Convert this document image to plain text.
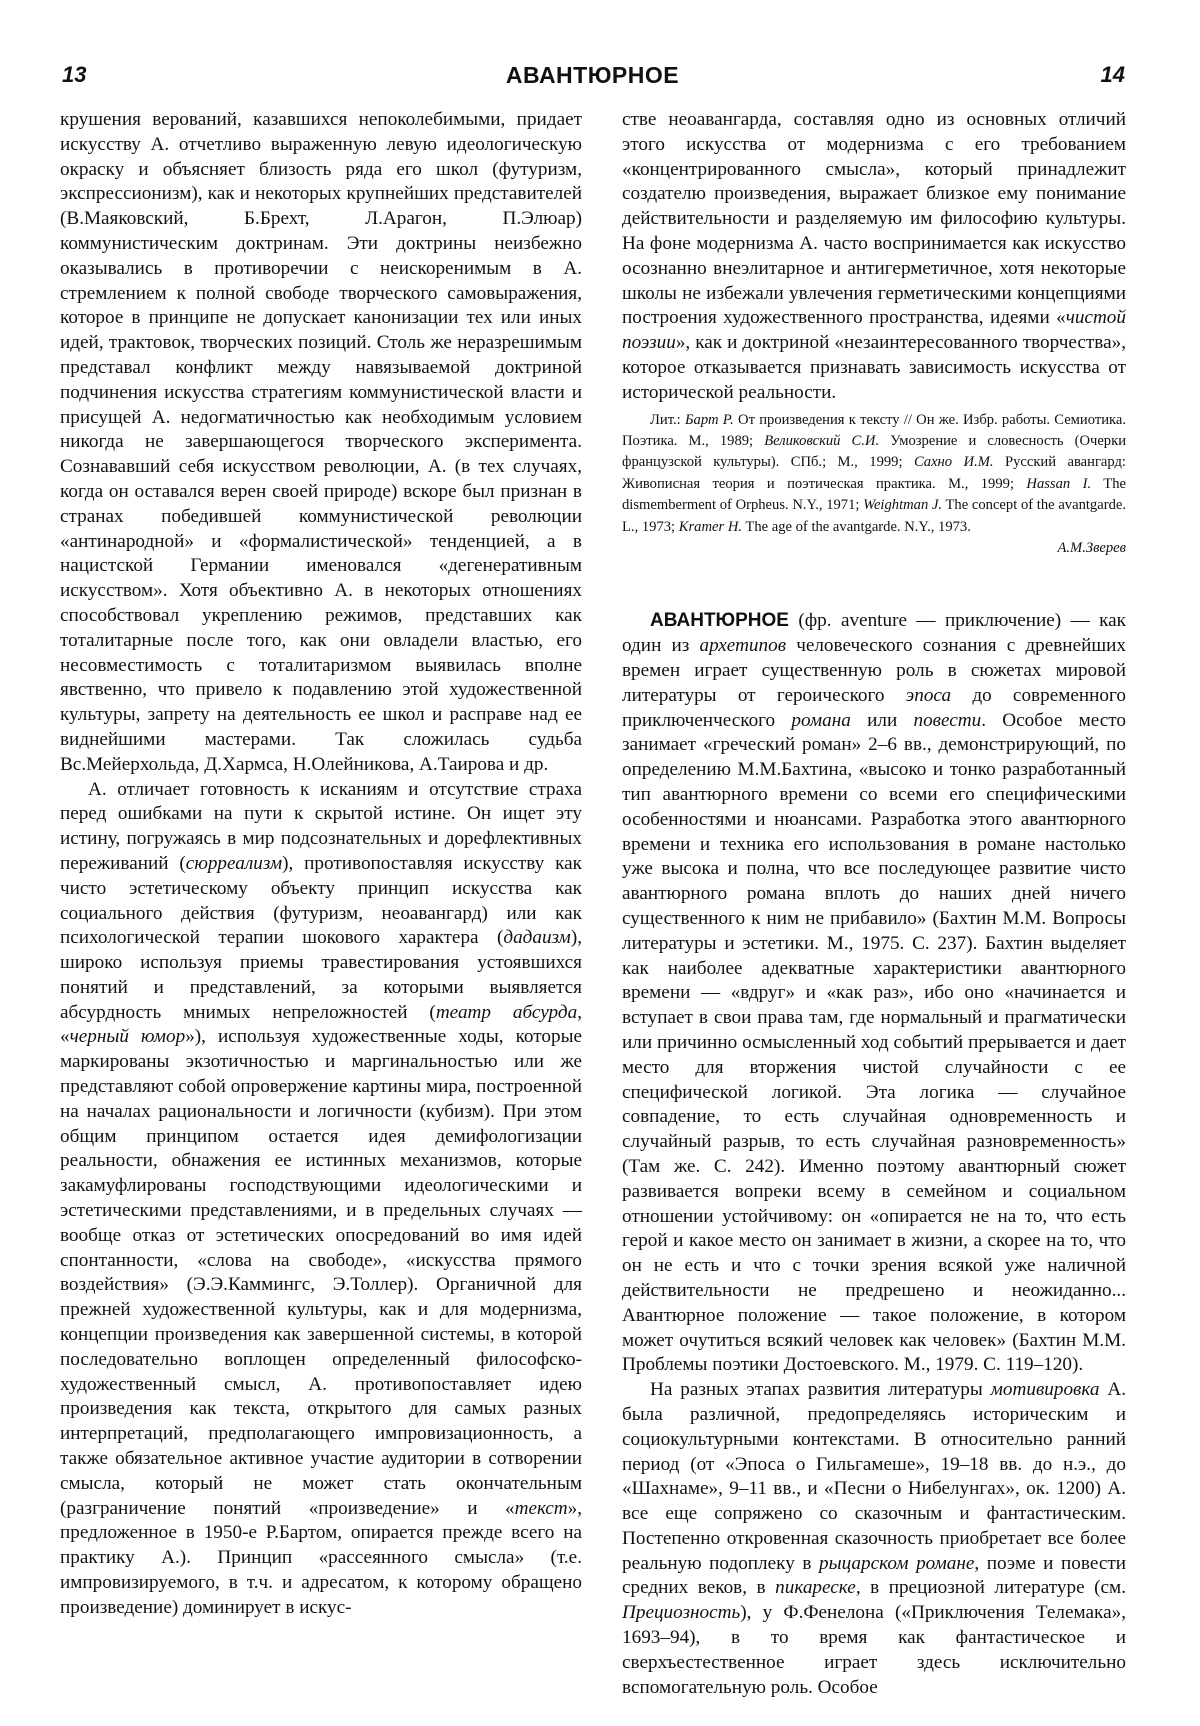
13	АВАНТЮРНОЕ	14

крушения верований, казавшихся непоколебимыми, придает искусству А. отчетливо выраженную левую идеологическую окраску и объясняет близость ряда его школ (футуризм, экспрессионизм), как и некоторых крупнейших представителей (В.Маяковский, Б.Брехт, Л.Арагон, П.Элюар) коммунистическим доктринам. Эти доктрины неизбежно оказывались в противоречии с неискоренимым в А. стремлением к полной свободе творческого самовыражения, которое в принципе не допускает канонизации тех или иных идей, трактовок, творческих позиций. Столь же неразрешимым представал конфликт между навязываемой доктриной подчинения искусства стратегиям коммунистической власти и присущей А. недогматичностью как необходимым условием никогда не завершающегося творческого эксперимента. Сознававший себя искусством революции, А. (в тех случаях, когда он оставался верен своей природе) вскоре был признан в странах победившей коммунистической революции «антинародной» и «формалистической» тенденцией, а в нацистской Германии именовался «дегенеративным искусством». Хотя объективно А. в некоторых отношениях способствовал укреплению режимов, представших как тоталитарные после того, как они овладели властью, его несовместимость с тоталитаризмом выявилась вполне явственно, что привело к подавлению этой художественной культуры, запрету на деятельность ее школ и расправе над ее виднейшими мастерами. Так сложилась судьба Вс.Мейерхольда, Д.Хармса, Н.Олейникова, А.Таирова и др.

А. отличает готовность к исканиям и отсутствие страха перед ошибками на пути к скрытой истине. Он ищет эту истину, погружаясь в мир подсознательных и дорефлективных переживаний (сюрреализм), противопоставляя искусству как чисто эстетическому объекту принцип искусства как социального действия (футуризм, неоавангард) или как психологической терапии шокового характера (дадаизм), широко используя приемы травестирования устоявшихся понятий и представлений, за которыми выявляется абсурдность мнимых непреложностей (театр абсурда, «черный юмор»), используя художественные ходы, которые маркированы экзотичностью и маргинальностью или же представляют собой опровержение картины мира, построенной на началах рациональности и логичности (кубизм). При этом общим принципом остается идея демифологизации реальности, обнажения ее истинных механизмов, которые закамуфлированы господствующими идеологическими и эстетическими представлениями, и в предельных случаях — вообще отказ от эстетических опосредований во имя идей спонтанности, «слова на свободе», «искусства прямого воздействия» (Э.Э.Каммингс, Э.Толлер). Органичной для прежней художественной культуры, как и для модернизма, концепции произведения как завершенной системы, в которой последовательно воплощен определенный философско-художественный смысл, А. противопоставляет идею произведения как текста, открытого для самых разных интерпретаций, предполагающего импровизационность, а также обязательное активное участие аудитории в сотворении смысла, который не может стать окончательным (разграничение понятий «произведение» и «текст», предложенное в 1950-е Р.Бартом, опирается прежде всего на практику А.). Принцип «рассеянного смысла» (т.е. импровизируемого, в т.ч. и адресатом, к которому обращено произведение) доминирует в искус-

стве неоавангарда, составляя одно из основных отличий этого искусства от модернизма с его требованием «концентрированного смысла», который принадлежит создателю произведения, выражает близкое ему понимание действительности и разделяемую им философию культуры. На фоне модернизма А. часто воспринимается как искусство осознанно внеэлитарное и антигерметичное, хотя некоторые школы не избежали увлечения герметическими концепциями построения художественного пространства, идеями «чистой поэзии», как и доктриной «незаинтересованного творчества», которое отказывается признавать зависимость искусства от исторической реальности.

Лит.: Барт Р. От произведения к тексту // Он же. Избр. работы. Семиотика. Поэтика. М., 1989; Великовский С.И. Умозрение и словесность (Очерки французской культуры). СПб.; М., 1999; Сахно И.М. Русский авангард: Живописная теория и поэтическая практика. М., 1999; Hassan I. The dismemberment of Orpheus. N.Y., 1971; Weightman J. The concept of the avantgarde. L., 1973; Kramer H. The age of the avantgarde. N.Y., 1973.
А.М.Зверев

АВАНТЮРНОЕ (фр. aventure — приключение) — как один из архетипов человеческого сознания с древнейших времен играет существенную роль в сюжетах мировой литературы от героического эпоса до современного приключенческого романа или повести. Особое место занимает «греческий роман» 2–6 вв., демонстрирующий, по определению М.М.Бахтина, «высоко и тонко разработанный тип авантюрного времени со всеми его специфическими особенностями и нюансами. Разработка этого авантюрного времени и техника его использования в романе настолько уже высока и полна, что все последующее развитие чисто авантюрного романа вплоть до наших дней ничего существенного к ним не прибавило» (Бахтин М.М. Вопросы литературы и эстетики. М., 1975. С. 237). Бахтин выделяет как наиболее адекватные характеристики авантюрного времени — «вдруг» и «как раз», ибо оно «начинается и вступает в свои права там, где нормальный и прагматически или причинно осмысленный ход событий прерывается и дает место для вторжения чистой случайности с ее специфической логикой. Эта логика — случайное совпадение, то есть случайная одновременность и случайный разрыв, то есть случайная разновременность» (Там же. С. 242). Именно поэтому авантюрный сюжет развивается вопреки всему в семейном и социальном отношении устойчивому: он «опирается не на то, что есть герой и какое место он занимает в жизни, а скорее на то, что он не есть и что с точки зрения всякой уже наличной действительности не предрешено и неожиданно... Авантюрное положение — такое положение, в котором может очутиться всякий человек как человек» (Бахтин М.М. Проблемы поэтики Достоевского. М., 1979. С. 119–120).

На разных этапах развития литературы мотивировка А. была различной, предопределяясь историческим и социокультурными контекстами. В относительно ранний период (от «Эпоса о Гильгамеше», 19–18 вв. до н.э., до «Шахнаме», 9–11 вв., и «Песни о Нибелунгах», ок. 1200) А. все еще сопряжено со сказочным и фантастическим. Постепенно откровенная сказочность приобретает все более реальную подоплеку в рыцарском романе, поэме и повести средних веков, в пикареске, в прециозной литературе (см. Прециозность), у Ф.Фенелона («Приключения Телемака», 1693–94), в то время как фантастическое и сверхъестественное играет здесь исключительно вспомогательную роль. Особое
